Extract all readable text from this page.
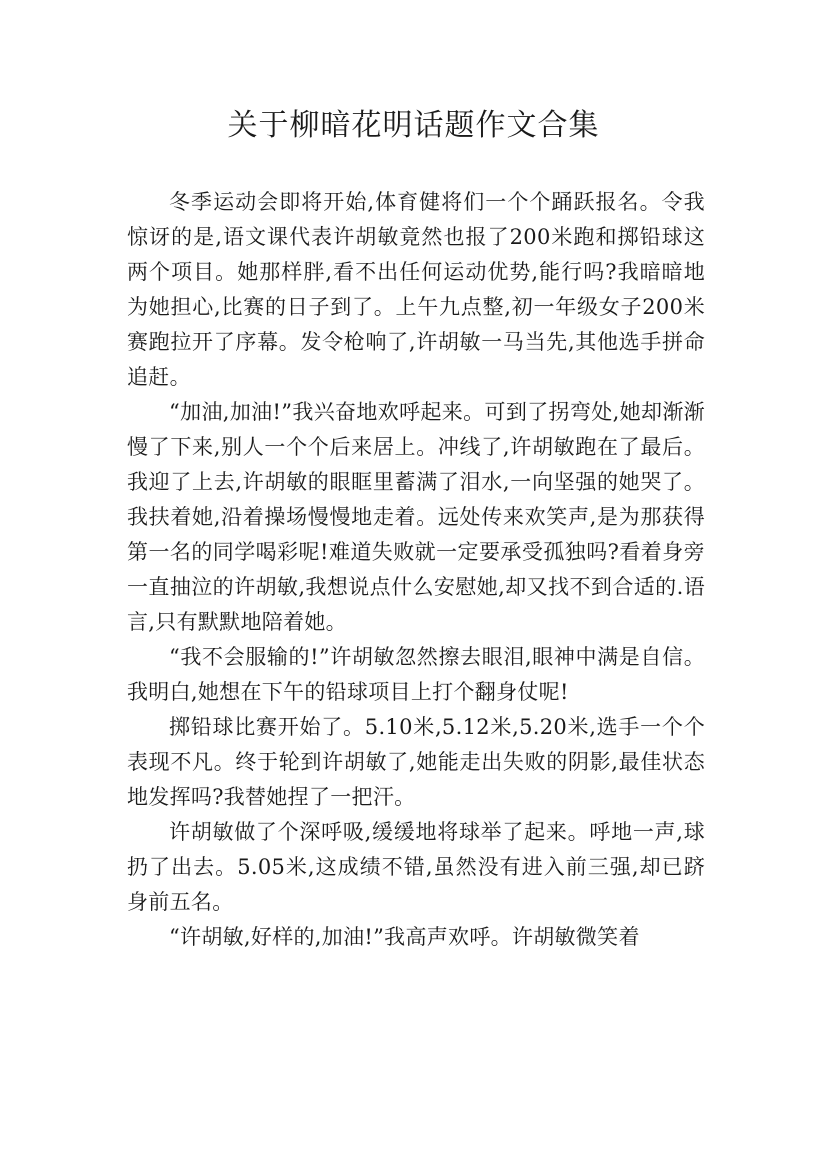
关于柳暗花明话题作文合集

冬季运动会即将开始,体育健将们一个个踊跃报名。令我惊讶的是,语文课代表许胡敏竟然也报了200米跑和掷铅球这两个项目。她那样胖,看不出任何运动优势,能行吗?我暗暗地为她担心,比赛的日子到了。上午九点整,初一年级女子200米赛跑拉开了序幕。发令枪响了,许胡敏一马当先,其他选手拼命追赶。

“加油,加油!”我兴奋地欢呼起来。可到了拐弯处,她却渐渐慢了下来,别人一个个后来居上。冲线了,许胡敏跑在了最后。我迎了上去,许胡敏的眼眶里蓄满了泪水,一向坚强的她哭了。我扶着她,沿着操场慢慢地走着。远处传来欢笑声,是为那获得第一名的同学喝彩呢!难道失败就一定要承受孤独吗?看着身旁一直抽泣的许胡敏,我想说点什么安慰她,却又找不到合适的.语言,只有默默地陪着她。

“我不会服输的!”许胡敏忽然擦去眼泪,眼神中满是自信。我明白,她想在下午的铅球项目上打个翻身仗呢!

掷铅球比赛开始了。5.10米,5.12米,5.20米,选手一个个表现不凡。终于轮到许胡敏了,她能走出失败的阴影,最佳状态地发挥吗?我替她捏了一把汗。

许胡敏做了个深呼吸,缓缓地将球举了起来。呼地一声,球扔了出去。5.05米,这成绩不错,虽然没有进入前三强,却已跻身前五名。

“许胡敏,好样的,加油!”我高声欢呼。许胡敏微笑着
